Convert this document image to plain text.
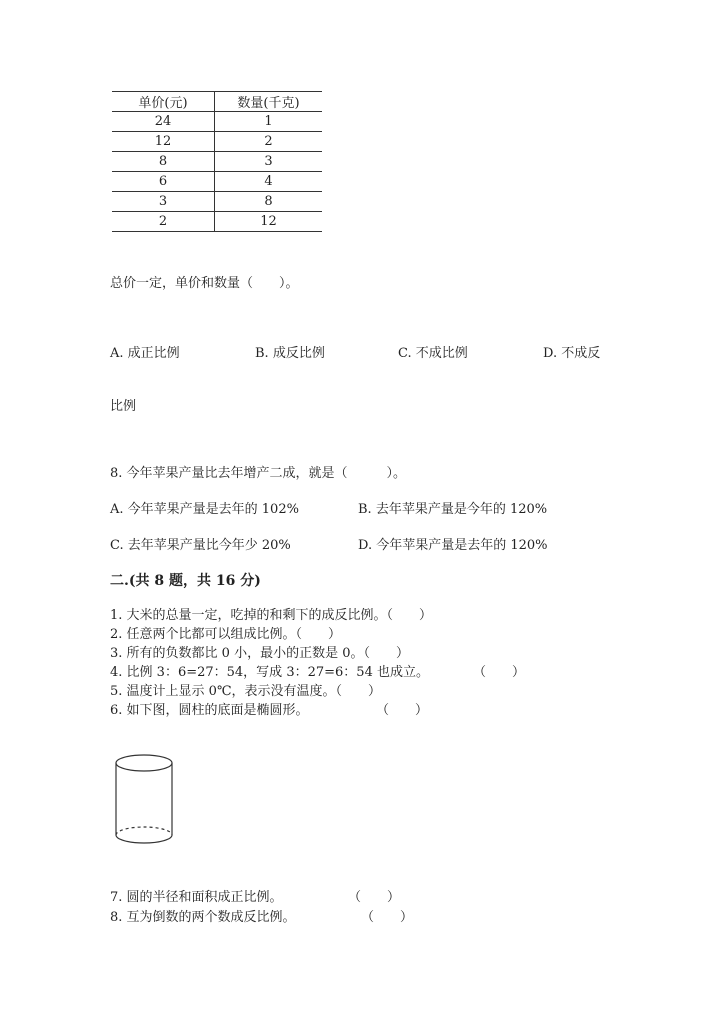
单价(元)	数量(千克)
24	1
12	2
8	3
6	4
3	8
2	12
总价一定，单价和数量（　　）。
A. 成正比例	B. 成反比例	C. 不成比例	D. 不成反
比例
8. 今年苹果产量比去年增产二成，就是（　　　）。
A. 今年苹果产量是去年的 102%	B. 去年苹果产量是今年的 120%
C. 去年苹果产量比今年少 20%	D. 今年苹果产量是去年的 120%
二.(共 8 题，共 16 分)
1. 大米的总量一定，吃掉的和剩下的成反比例。（　　）
2. 任意两个比都可以组成比例。（　　）
3. 所有的负数都比 0 小，最小的正数是 0。（　　）
4. 比例 3：6=27：54，写成 3：27=6：54 也成立。	（　　）
5. 温度计上显示 0℃，表示没有温度。（　　）
6. 如下图，圆柱的底面是椭圆形。	（　　）
7. 圆的半径和面积成正比例。	（　　）
8. 互为倒数的两个数成反比例。	（　　）
